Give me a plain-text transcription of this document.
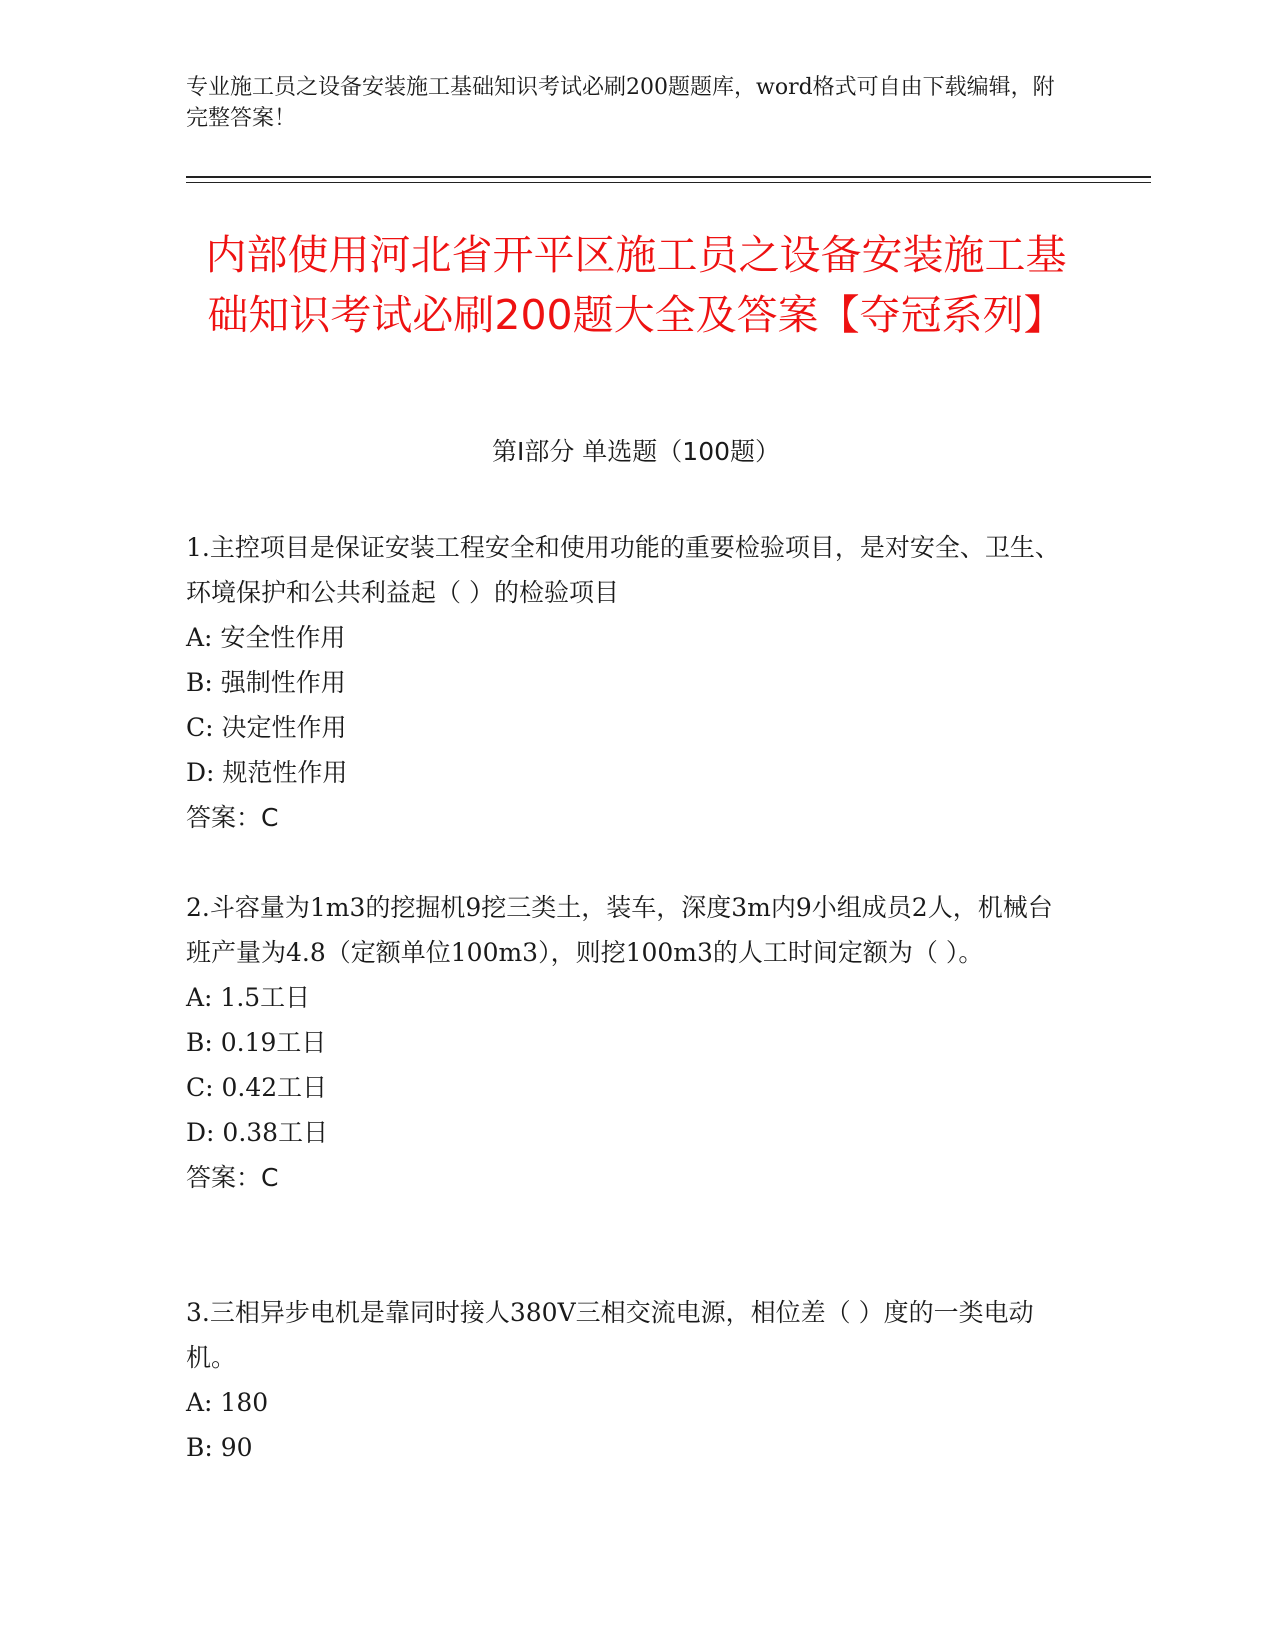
专业施工员之设备安装施工基础知识考试必刷200题题库，word格式可自由下载编辑，附完整答案！
内部使用河北省开平区施工员之设备安装施工基础知识考试必刷200题大全及答案【夺冠系列】
第I部分 单选题（100题）

1.主控项目是保证安装工程安全和使用功能的重要检验项目，是对安全、卫生、环境保护和公共利益起（ ）的检验项目

A: 安全性作用

B: 强制性作用

C: 决定性作用

D: 规范性作用

答案：C

2.斗容量为1m3的挖掘机9挖三类土，装车，深度3m内9小组成员2人，机械台班产量为4.8（定额单位100m3），则挖100m3的人工时间定额为（ ）。

A: 1.5工日

B: 0.19工日

C: 0.42工日

D: 0.38工日

答案：C

3.三相异步电机是靠同时接人380V三相交流电源，相位差（ ）度的一类电动机。

A: 180

B: 90
